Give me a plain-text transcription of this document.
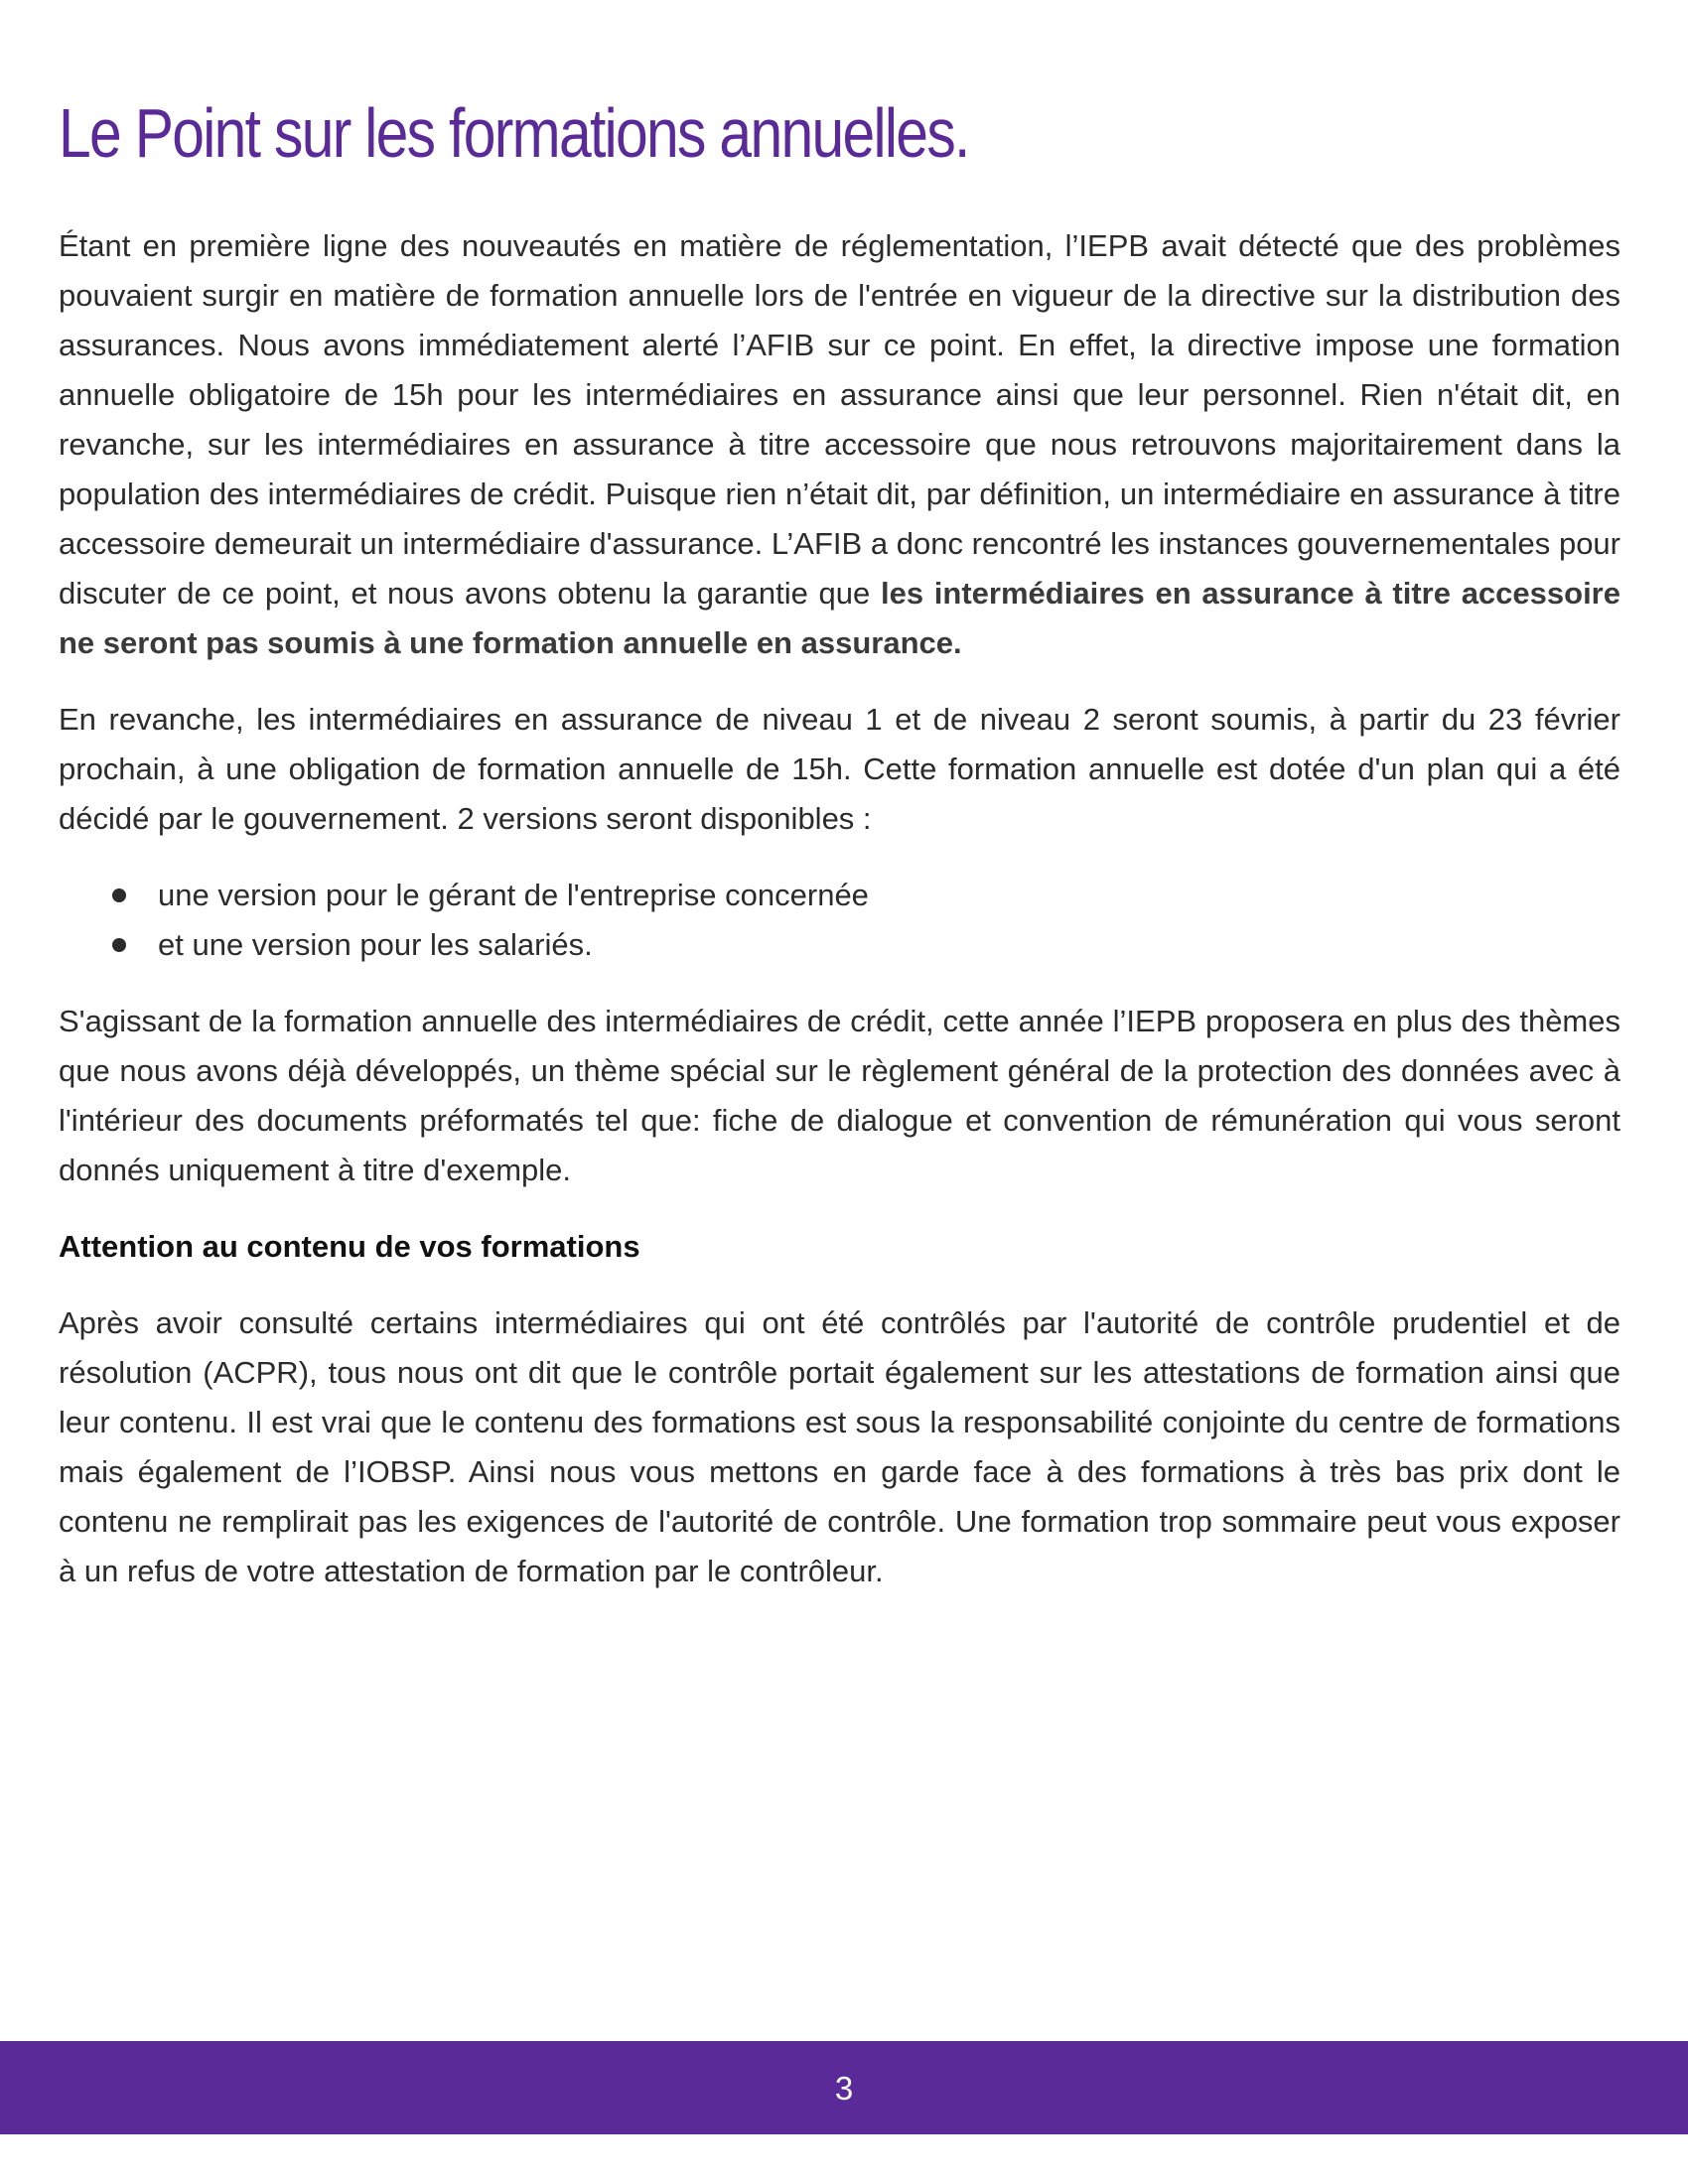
Le Point sur les formations annuelles.

Étant en première ligne des nouveautés en matière de réglementation, l’IEPB avait détecté que des problèmes pouvaient surgir en matière de formation annuelle lors de l'entrée en vigueur de la directive sur la distribution des assurances. Nous avons immédiatement alerté l’AFIB sur ce point. En effet, la directive impose une formation annuelle obligatoire de 15h pour les intermédiaires en assurance ainsi que leur personnel. Rien n'était dit, en revanche, sur les intermédiaires en assurance à titre accessoire que nous retrouvons majoritairement dans la population des intermédiaires de crédit. Puisque rien n’était dit, par définition, un intermédiaire en assurance à titre accessoire demeurait un intermédiaire d'assurance. L’AFIB a donc rencontré les instances gouvernementales pour discuter de ce point, et nous avons obtenu la garantie que les intermédiaires en assurance à titre accessoire ne seront pas soumis à une formation annuelle en assurance.

En revanche, les intermédiaires en assurance de niveau 1 et de niveau 2 seront soumis, à partir du 23 février prochain, à une obligation de formation annuelle de 15h. Cette formation annuelle est dotée d'un plan qui a été décidé par le gouvernement. 2 versions seront disponibles :

une version pour le gérant de l'entreprise concernée
et une version pour les salariés.

S'agissant de la formation annuelle des intermédiaires de crédit, cette année l’IEPB proposera en plus des thèmes que nous avons déjà développés, un thème spécial sur le règlement général de la protection des données avec à l'intérieur des documents préformatés tel que: fiche de dialogue et convention de rémunération qui vous seront donnés uniquement à titre d'exemple.

Attention au contenu de vos formations

Après avoir consulté certains intermédiaires qui ont été contrôlés par l'autorité de contrôle prudentiel et de résolution (ACPR), tous nous ont dit que le contrôle portait également sur les attestations de formation ainsi que leur contenu. Il est vrai que le contenu des formations est sous la responsabilité conjointe du centre de formations mais également de l’IOBSP. Ainsi nous vous mettons en garde face à des formations à très bas prix dont le contenu ne remplirait pas les exigences de l'autorité de contrôle. Une formation trop sommaire peut vous exposer à un refus de votre attestation de formation par le contrôleur.

3
